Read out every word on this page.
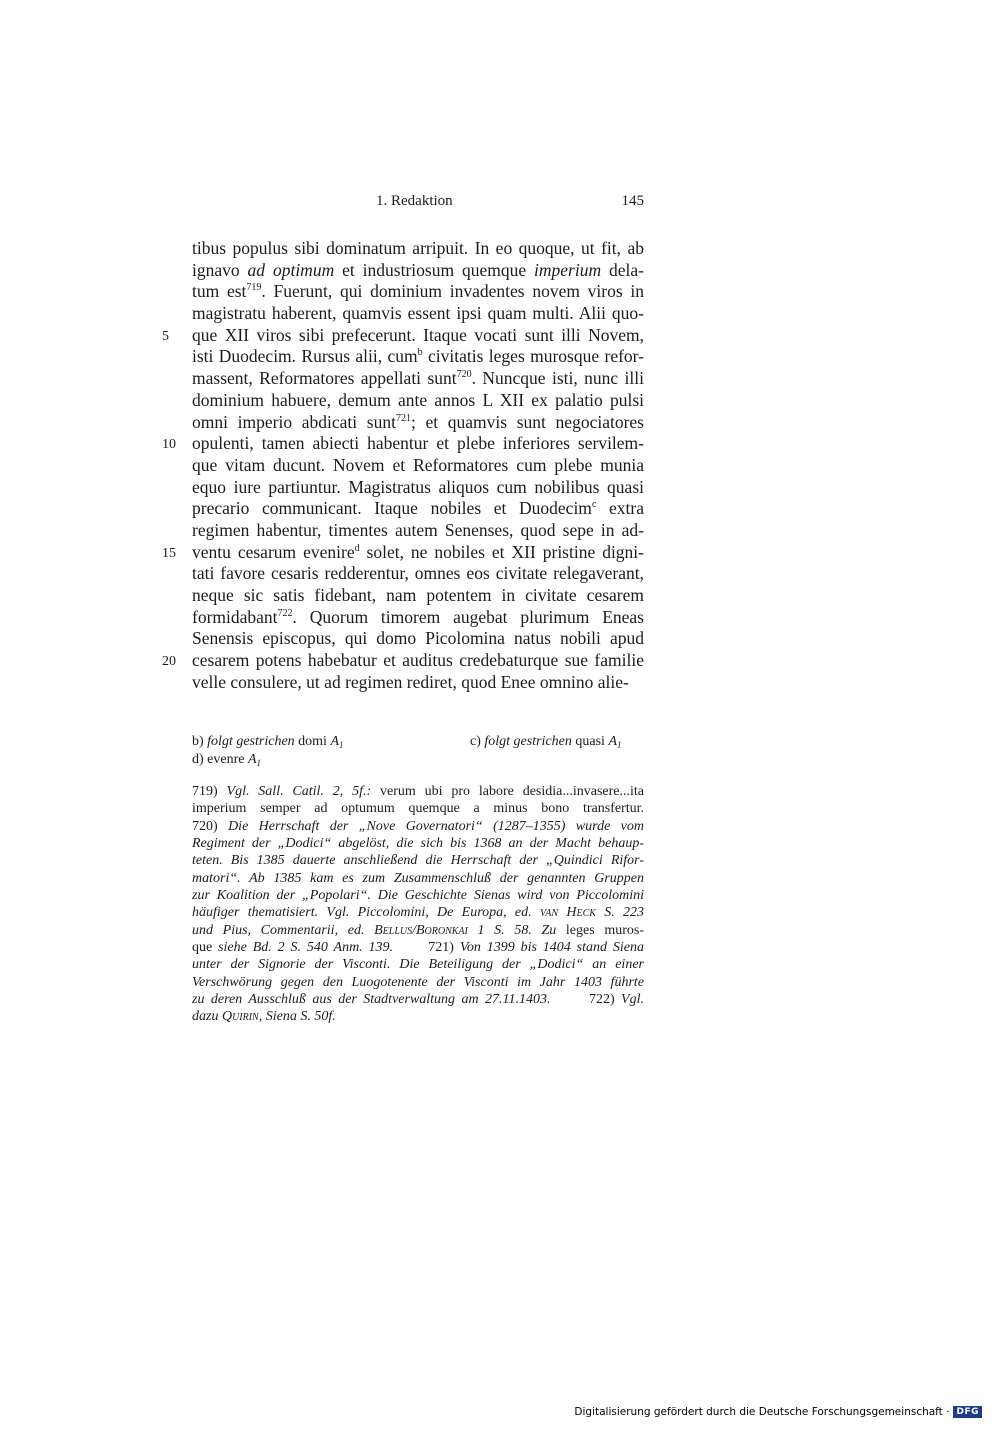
1. Redaktion	145
tibus populus sibi dominatum arripuit. In eo quoque, ut fit, ab
ignavo ad optimum et industriosum quemque imperium dela-
tum est$^{719}$. Fuerunt, qui dominium invadentes novem viros in
magistratu haberent, quamvis essent ipsi quam multi. Alii quo-
5	que XII viros sibi prefecerunt. Itaque vocati sunt illi Novem,
isti Duodecim. Rursus alii, cum$^b$ civitatis leges murosque refor-
massent, Reformatores appellati sunt$^{720}$. Nuncque isti, nunc illi
dominium habuere, demum ante annos L XII ex palatio pulsi
omni imperio abdicati sunt$^{721}$; et quamvis sunt negociatores
10 opulenti, tamen abiecti habentur et plebe inferiores servilem-
que vitam ducunt. Novem et Reformatores cum plebe munia
equo iure partiuntur. Magistratus aliquos cum nobilibus quasi
precario communicant. Itaque nobiles et Duodecim$^c$ extra
regimen habentur, timentes autem Senenses, quod sepe in ad-
15 ventu cesarum evenire$^d$ solet, ne nobiles et XII pristine digni-
tati favore cesaris redderentur, omnes eos civitate relegaverant,
neque sic satis fidebant, nam potentem in civitate cesarem
formidabant$^{722}$. Quorum timorem augebat plurimum Eneas
Senensis episcopus, qui domo Picolomina natus nobili apud
20 cesarem potens habebatur et auditus credebaturque sue familie
velle consulere, ut ad regimen rediret, quod Enee omnino alie-
b) folgt gestrichen domi $A_1$	c) folgt gestrichen quasi $A_1$
d) evenre $A_1$
719) Vgl. Sall. Catil. 2, 5f.: verum ubi pro labore desidia...invasere...ita
imperium semper ad optumum quemque a minus bono transfertur.
720) Die Herrschaft der „Nove Governatori“ (1287–1355) wurde vom
Regiment der „Dodici“ abgelöst, die sich bis 1368 an der Macht behaup-
teten. Bis 1385 dauerte anschließend die Herrschaft der „Quindici Rifor-
matori“. Ab 1385 kam es zum Zusammenschluß der genannten Gruppen
zur Koalition der „Popolari“. Die Geschichte Sienas wird von Piccolomini
häufiger thematisiert. Vgl. Piccolomini, De Europa, ed. van Heck S. 223
und Pius, Commentarii, ed. Bellus/Boronkai 1 S. 58. Zu leges muros-
que siehe Bd. 2 S. 540 Anm. 139.      721) Von 1399 bis 1404 stand Siena
unter der Signorie der Visconti. Die Beteiligung der „Dodici“ an einer
Verschwörung gegen den Luogotenente der Visconti im Jahr 1403 führte
zu deren Ausschluß aus der Stadtverwaltung am 27.11.1403.      722) Vgl.
dazu Quirin, Siena S. 50f.
Digitalisierung gefördert durch die Deutsche Forschungsgemeinschaft · DFG
